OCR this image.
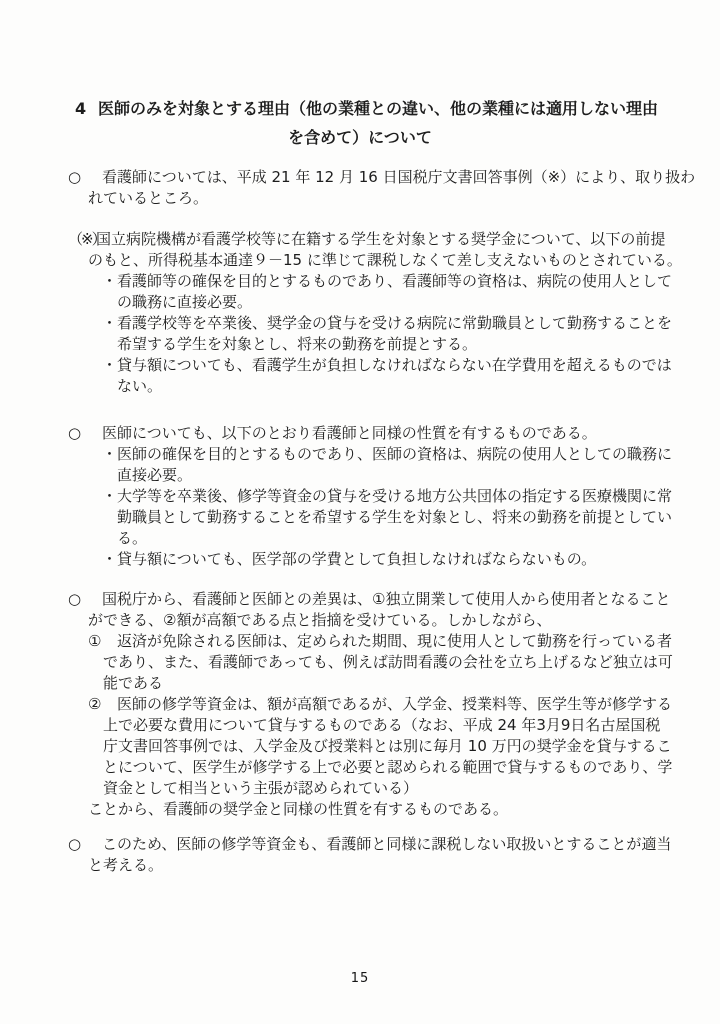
4 医師のみを対象とする理由（他の業種との違い、他の業種には適用しない理由
を含めて）について
○ 看護師については、平成 21 年 12 月 16 日国税庁文書回答事例（※）により、取り扱わ
れているところ。
（※）国立病院機構が看護学校等に在籍する学生を対象とする奨学金について、以下の前提
のもと、所得税基本通達９－15 に準じて課税しなくて差し支えないものとされている。
・看護師等の確保を目的とするものであり、看護師等の資格は、病院の使用人として
の職務に直接必要。
・看護学校等を卒業後、奨学金の貸与を受ける病院に常勤職員として勤務することを
希望する学生を対象とし、将来の勤務を前提とする。
・貸与額についても、看護学生が負担しなければならない在学費用を超えるものでは
ない。
○ 医師についても、以下のとおり看護師と同様の性質を有するものである。
・医師の確保を目的とするものであり、医師の資格は、病院の使用人としての職務に
直接必要。
・大学等を卒業後、修学等資金の貸与を受ける地方公共団体の指定する医療機関に常
勤職員として勤務することを希望する学生を対象とし、将来の勤務を前提としてい
る。
・貸与額についても、医学部の学費として負担しなければならないもの。
○ 国税庁から、看護師と医師との差異は、①独立開業して使用人から使用者となること
ができる、②額が高額である点と指摘を受けている。しかしながら、
① 返済が免除される医師は、定められた期間、現に使用人として勤務を行っている者
であり、また、看護師であっても、例えば訪問看護の会社を立ち上げるなど独立は可
能である
② 医師の修学等資金は、額が高額であるが、入学金、授業料等、医学生等が修学する
上で必要な費用について貸与するものである（なお、平成 24 年3月9日名古屋国税
庁文書回答事例では、入学金及び授業料とは別に毎月 10 万円の奨学金を貸与するこ
とについて、医学生が修学する上で必要と認められる範囲で貸与するものであり、学
資金として相当という主張が認められている）
ことから、看護師の奨学金と同様の性質を有するものである。
○ このため、医師の修学等資金も、看護師と同様に課税しない取扱いとすることが適当
と考える。
15
